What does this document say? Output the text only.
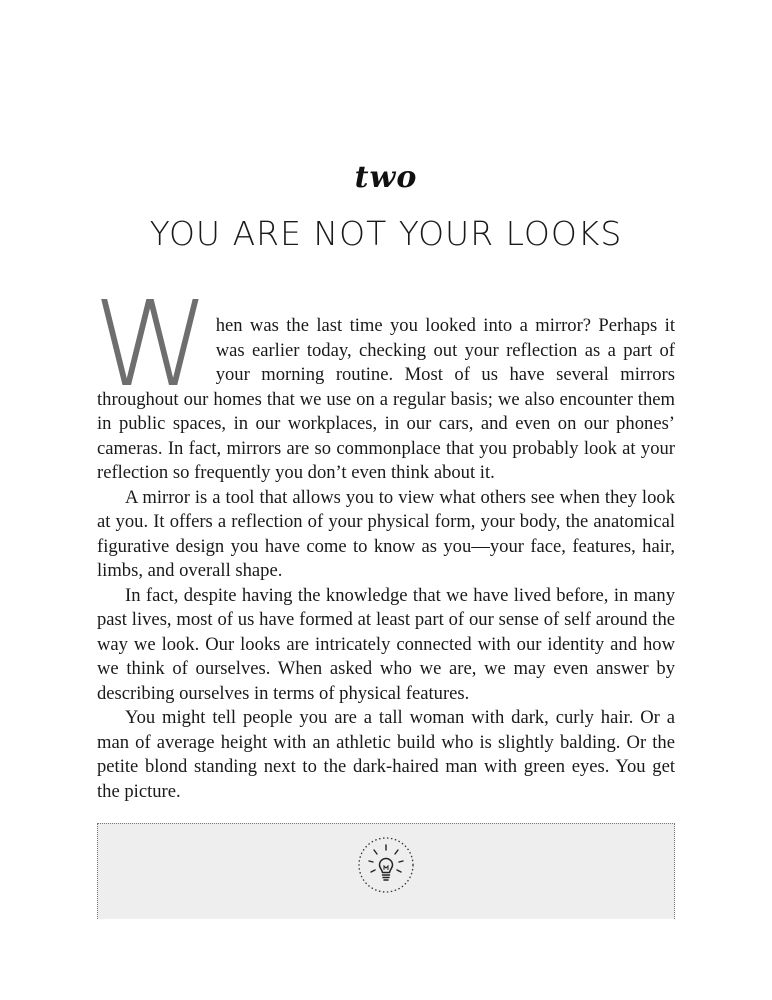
two
YOU ARE NOT YOUR LOOKS

When was the last time you looked into a mirror? Perhaps it was earlier today, checking out your reflection as a part of your morning routine. Most of us have several mirrors throughout our homes that we use on a regular basis; we also encounter them in public spaces, in our workplaces, in our cars, and even on our phones’ cameras. In fact, mirrors are so commonplace that you probably look at your reflection so frequently you don’t even think about it.

A mirror is a tool that allows you to view what others see when they look at you. It offers a reflection of your physical form, your body, the anatomical figurative design you have come to know as you—your face, features, hair, limbs, and overall shape.

In fact, despite having the knowledge that we have lived before, in many past lives, most of us have formed at least part of our sense of self around the way we look. Our looks are intricately connected with our identity and how we think of ourselves. When asked who we are, we may even answer by describing ourselves in terms of physical features.

You might tell people you are a tall woman with dark, curly hair. Or a man of average height with an athletic build who is slightly balding. Or the petite blond standing next to the dark-haired man with green eyes. You get the picture.
